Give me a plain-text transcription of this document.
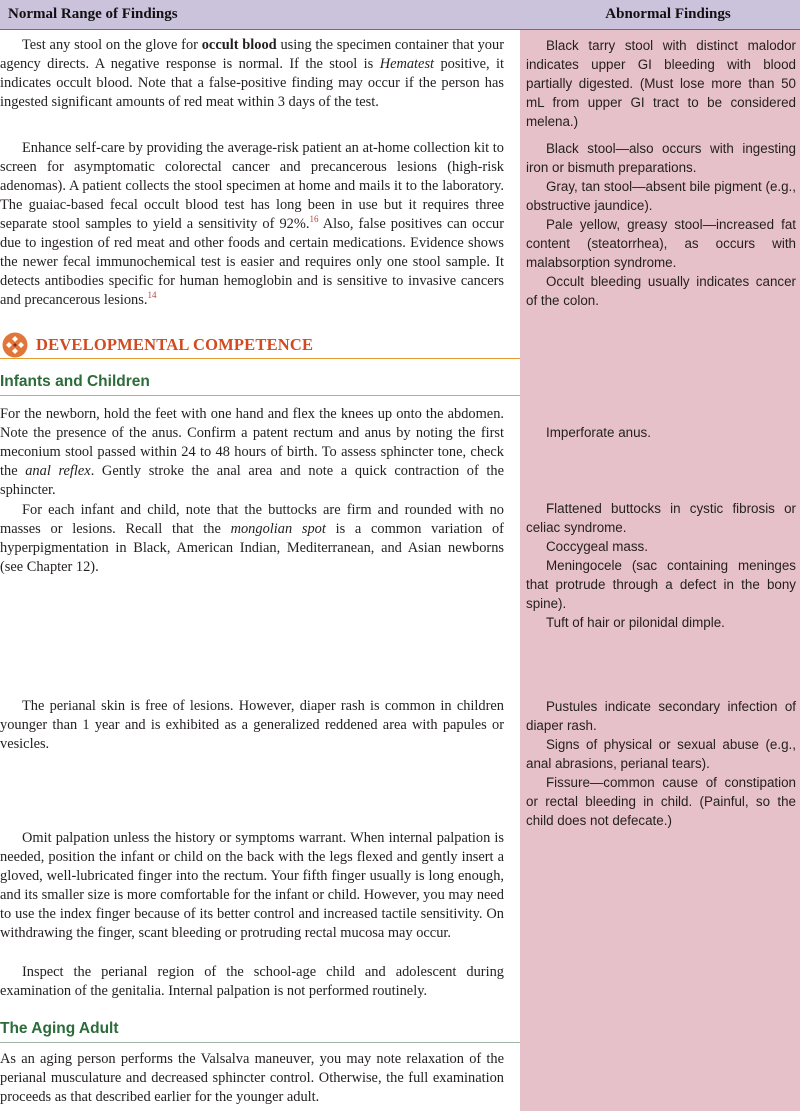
Normal Range of Findings	Abnormal Findings

Test any stool on the glove for occult blood using the specimen container that your agency directs. A negative response is normal. If the stool is Hematest positive, it indicates occult blood. Note that a false-positive finding may occur if the person has ingested significant amounts of red meat within 3 days of the test.

Enhance self-care by providing the average-risk patient an at-home collection kit to screen for asymptomatic colorectal cancer and precancerous lesions (high-risk adenomas). A patient collects the stool specimen at home and mails it to the laboratory. The guaiac-based fecal occult blood test has long been in use but it requires three separate stool samples to yield a sensitivity of 92%.$^{16}$ Also, false positives can occur due to ingestion of red meat and other foods and certain medications. Evidence shows the newer fecal immunochemical test is easier and requires only one stool sample. It detects antibodies specific for human hemoglobin and is sensitive to invasive cancers and precancerous lesions.$^{14}$

Black tarry stool with distinct malodor indicates upper GI bleeding with blood partially digested. (Must lose more than 50 mL from upper GI tract to be considered melena.)

Black stool—also occurs with ingesting iron or bismuth preparations.

Gray, tan stool—absent bile pigment (e.g., obstructive jaundice).

Pale yellow, greasy stool—increased fat content (steatorrhea), as occurs with malabsorption syndrome.

Occult bleeding usually indicates cancer of the colon.

DEVELOPMENTAL COMPETENCE
Infants and Children

For the newborn, hold the feet with one hand and flex the knees up onto the abdomen. Note the presence of the anus. Confirm a patent rectum and anus by noting the first meconium stool passed within 24 to 48 hours of birth. To assess sphincter tone, check the anal reflex. Gently stroke the anal area and note a quick contraction of the sphincter.

For each infant and child, note that the buttocks are firm and rounded with no masses or lesions. Recall that the mongolian spot is a common variation of hyperpigmentation in Black, American Indian, Mediterranean, and Asian newborns (see Chapter 12).

Imperforate anus.

Flattened buttocks in cystic fibrosis or celiac syndrome.

Coccygeal mass.

Meningocele (sac containing meninges that protrude through a defect in the bony spine).

Tuft of hair or pilonidal dimple.

The perianal skin is free of lesions. However, diaper rash is common in children younger than 1 year and is exhibited as a generalized reddened area with papules or vesicles.

Pustules indicate secondary infection of diaper rash.

Signs of physical or sexual abuse (e.g., anal abrasions, perianal tears).

Fissure—common cause of constipation or rectal bleeding in child. (Painful, so the child does not defecate.)

Omit palpation unless the history or symptoms warrant. When internal palpation is needed, position the infant or child on the back with the legs flexed and gently insert a gloved, well-lubricated finger into the rectum. Your fifth finger usually is long enough, and its smaller size is more comfortable for the infant or child. However, you may need to use the index finger because of its better control and increased tactile sensitivity. On withdrawing the finger, scant bleeding or protruding rectal mucosa may occur.

Inspect the perianal region of the school-age child and adolescent during examination of the genitalia. Internal palpation is not performed routinely.

The Aging Adult

As an aging person performs the Valsalva maneuver, you may note relaxation of the perianal musculature and decreased sphincter control. Otherwise, the full examination proceeds as that described earlier for the younger adult.
